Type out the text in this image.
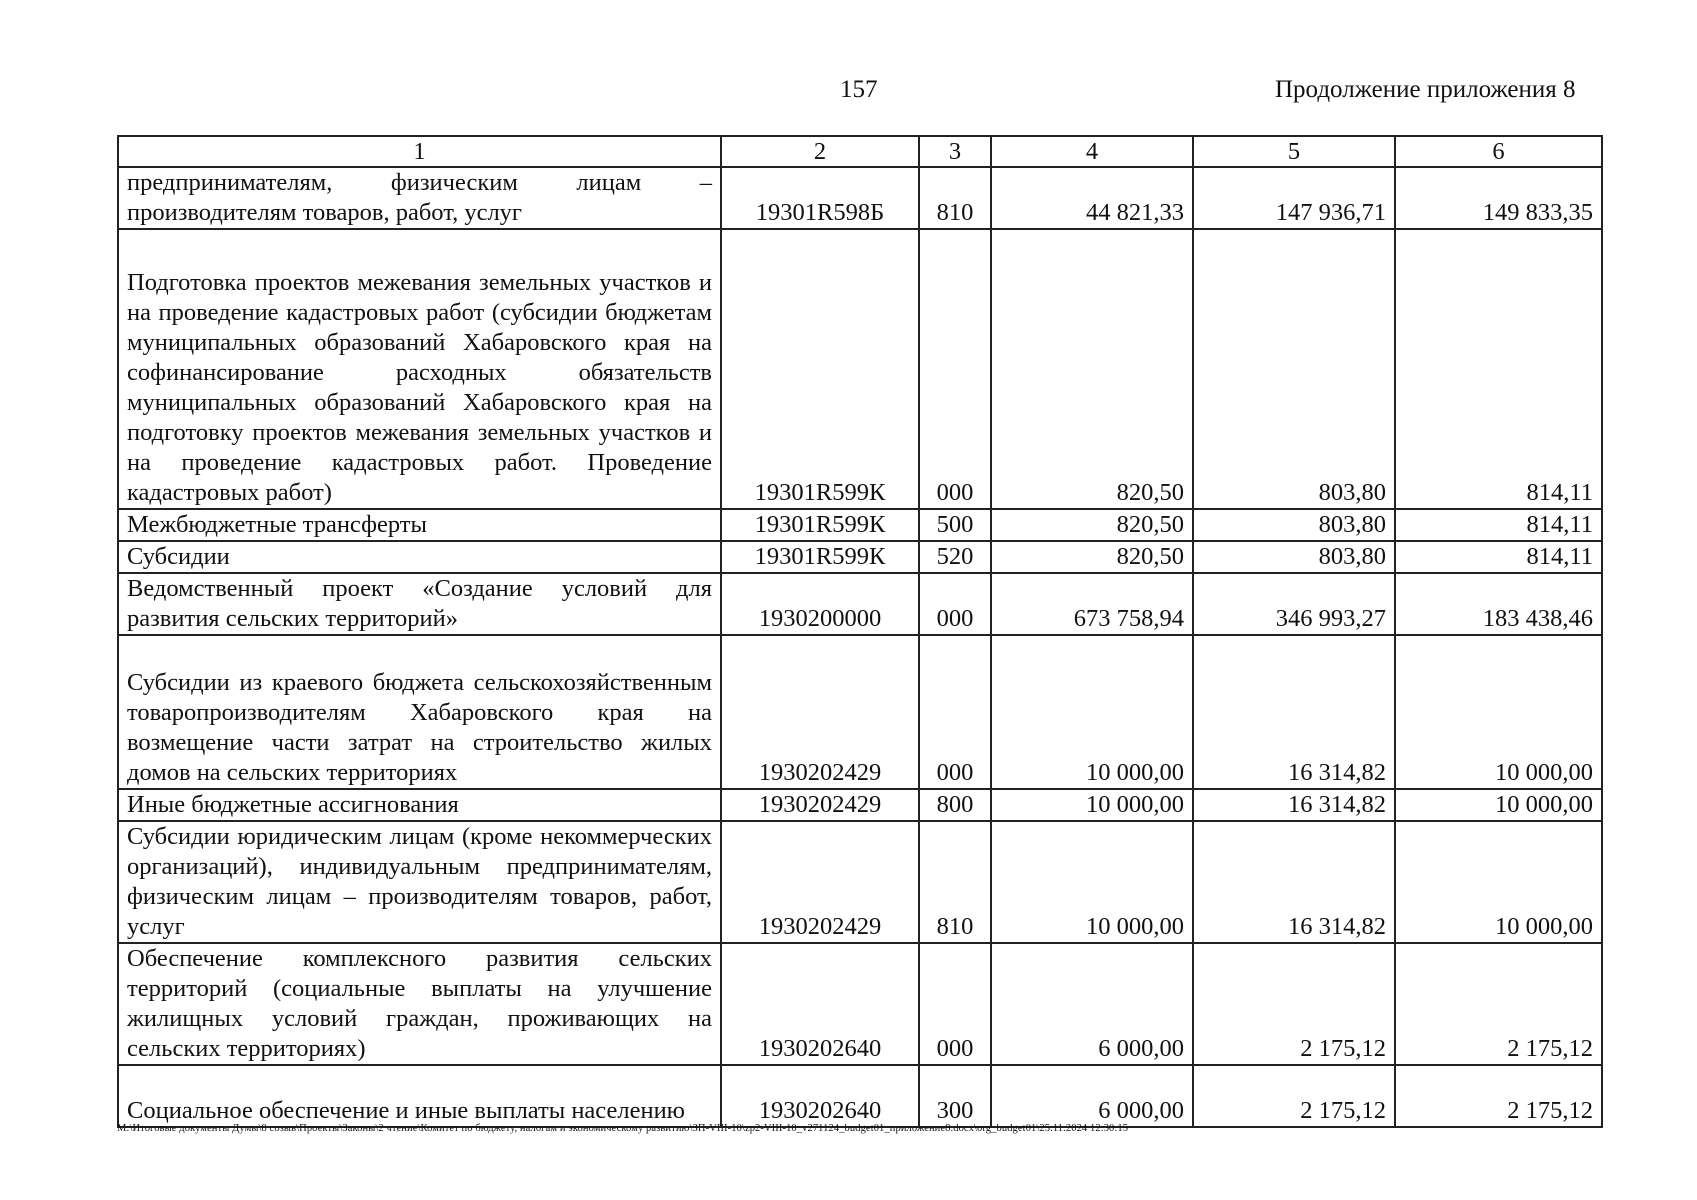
157	Продолжение приложения 8
1	2	3	4	5	6
предпринимателям, физическим лицам – производителям товаров, работ, услуг	19301R598Б	810	44 821,33	147 936,71	149 833,35
Подготовка проектов межевания земельных участков и на проведение кадастровых работ (субсидии бюджетам муниципальных образований Хабаровского края на софинансирование расходных обязательств муниципальных образований Хабаровского края на подготовку проектов межевания земельных участков и на проведение кадастровых работ. Проведение кадастровых работ)	19301R599К	000	820,50	803,80	814,11
Межбюджетные трансферты	19301R599К	500	820,50	803,80	814,11
Субсидии	19301R599К	520	820,50	803,80	814,11
Ведомственный проект «Создание условий для развития сельских территорий»	1930200000	000	673 758,94	346 993,27	183 438,46
Субсидии из краевого бюджета сельскохозяйственным товаропроизводителям Хабаровского края на возмещение части затрат на строительство жилых домов на сельских территориях	1930202429	000	10 000,00	16 314,82	10 000,00
Иные бюджетные ассигнования	1930202429	800	10 000,00	16 314,82	10 000,00
Субсидии юридическим лицам (кроме некоммерческих организаций), индивидуальным предпринимателям, физическим лицам – производителям товаров, работ, услуг	1930202429	810	10 000,00	16 314,82	10 000,00
Обеспечение комплексного развития сельских территорий (социальные выплаты на улучшение жилищных условий граждан, проживающих на сельских территориях)	1930202640	000	6 000,00	2 175,12	2 175,12
Социальное обеспечение и иные выплаты населению	1930202640	300	6 000,00	2 175,12	2 175,12
M:\Итоговые документы Думы\8 созыв\Проекты\Законы\2 чтение\Комитет по бюджету, налогам и экономическому развитию\ЗП-VIII-10\zp2-VIII-10_v271124_budget01_приложение8.docx\org_budget01\25.11.2024 12:30:15
